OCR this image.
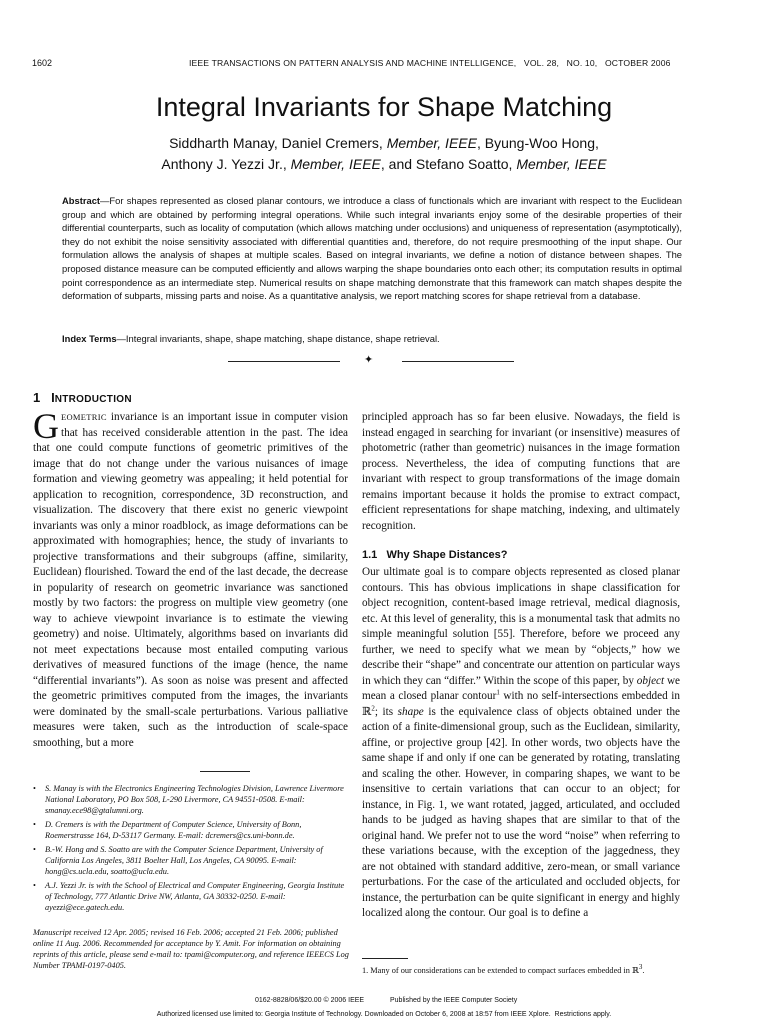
1602	IEEE TRANSACTIONS ON PATTERN ANALYSIS AND MACHINE INTELLIGENCE,   VOL. 28,   NO. 10,   OCTOBER 2006
Integral Invariants for Shape Matching
Siddharth Manay, Daniel Cremers, Member, IEEE, Byung-Woo Hong,
Anthony J. Yezzi Jr., Member, IEEE, and Stefano Soatto, Member, IEEE
Abstract—For shapes represented as closed planar contours, we introduce a class of functionals which are invariant with respect to the Euclidean group and which are obtained by performing integral operations. While such integral invariants enjoy some of the desirable properties of their differential counterparts, such as locality of computation (which allows matching under occlusions) and uniqueness of representation (asymptotically), they do not exhibit the noise sensitivity associated with differential quantities and, therefore, do not require presmoothing of the input shape. Our formulation allows the analysis of shapes at multiple scales. Based on integral invariants, we define a notion of distance between shapes. The proposed distance measure can be computed efficiently and allows warping the shape boundaries onto each other; its computation results in optimal point correspondence as an intermediate step. Numerical results on shape matching demonstrate that this framework can match shapes despite the deformation of subparts, missing parts and noise. As a quantitative analysis, we report matching scores for shape retrieval from a database.
Index Terms—Integral invariants, shape, shape matching, shape distance, shape retrieval.
✦
1 INTRODUCTION

GEOMETRIC invariance is an important issue in computer vision that has received considerable attention in the past. The idea that one could compute functions of geometric primitives of the image that do not change under the various nuisances of image formation and viewing geometry was appealing; it held potential for application to recognition, correspondence, 3D reconstruction, and visualization. The discovery that there exist no generic viewpoint invariants was only a minor roadblock, as image deformations can be approximated with homographies; hence, the study of invariants to projective transformations and their subgroups (affine, similarity, Euclidean) flourished. Toward the end of the last decade, the decrease in popularity of research on geometric invariance was sanctioned mostly by two factors: the progress on multiple view geometry (one way to achieve viewpoint invariance is to estimate the viewing geometry) and noise. Ultimately, algorithms based on invariants did not meet expectations because most entailed computing various derivatives of measured functions of the image (hence, the name “differential invariants”). As soon as noise was present and affected the geometric primitives computed from the images, the invariants were dominated by the small-scale perturbations. Various palliative measures were taken, such as the introduction of scale-space smoothing, but a more

principled approach has so far been elusive. Nowadays, the field is instead engaged in searching for invariant (or insensitive) measures of photometric (rather than geometric) nuisances in the image formation process. Nevertheless, the idea of computing functions that are invariant with respect to group transformations of the image domain remains important because it holds the promise to extract compact, efficient representations for shape matching, indexing, and ultimately recognition.

1.1   Why Shape Distances?

Our ultimate goal is to compare objects represented as closed planar contours. This has obvious implications in shape classification for object recognition, content-based image retrieval, medical diagnosis, etc. At this level of generality, this is a monumental task that admits no simple meaningful solution [55]. Therefore, before we proceed any further, we need to specify what we mean by “objects,” how we describe their “shape” and concentrate our attention on particular ways in which they can “differ.” Within the scope of this paper, by object we mean a closed planar contour$^1$ with no self-intersections embedded in ℝ$^2$; its shape is the equivalence class of objects obtained under the action of a finite-dimensional group, such as the Euclidean, similarity, affine, or projective group [42]. In other words, two objects have the same shape if and only if one can be generated by rotating, translating and scaling the other. However, in comparing shapes, we want to be insensitive to certain variations that can occur to an object; for instance, in Fig. 1, we want rotated, jagged, articulated, and occluded hands to be judged as having shapes that are similar to that of the original hand. We prefer not to use the word “noise” when referring to these variations because, with the exception of the jaggedness, they are not obtained with standard additive, zero-mean, or small variance perturbations. For the case of the articulated and occluded objects, for instance, the perturbation can be quite significant in energy and highly localized along the contour. Our goal is to define a

• S. Manay is with the Electronics Engineering Technologies Division, Lawrence Livermore National Laboratory, PO Box 508, L-290 Livermore, CA 94551-0508. E-mail: smanay.ece98@gtalumni.org.
• D. Cremers is with the Department of Computer Science, University of Bonn, Roemerstrasse 164, D-53117 Germany. E-mail: dcremers@cs.uni-bonn.de.
• B.-W. Hong and S. Soatto are with the Computer Science Department, University of California Los Angeles, 3811 Boelter Hall, Los Angeles, CA 90095. E-mail: hong@cs.ucla.edu, soatto@ucla.edu.
• A.J. Yezzi Jr. is with the School of Electrical and Computer Engineering, Georgia Institute of Technology, 777 Atlantic Drive NW, Atlanta, GA 30332-0250. E-mail: ayezzi@ece.gatech.edu.
Manuscript received 12 Apr. 2005; revised 16 Feb. 2006; accepted 21 Feb. 2006; published online 11 Aug. 2006. Recommended for acceptance by Y. Amit. For information on obtaining reprints of this article, please send e-mail to: tpami@computer.org, and reference IEEECS Log Number TPAMI-0197-0405.
1. Many of our considerations can be extended to compact surfaces embedded in ℝ$^3$.
0162-8828/06/$20.00 © 2006 IEEE	Published by the IEEE Computer Society
Authorized licensed use limited to: Georgia Institute of Technology. Downloaded on October 6, 2008 at 18:57 from IEEE Xplore.  Restrictions apply.
